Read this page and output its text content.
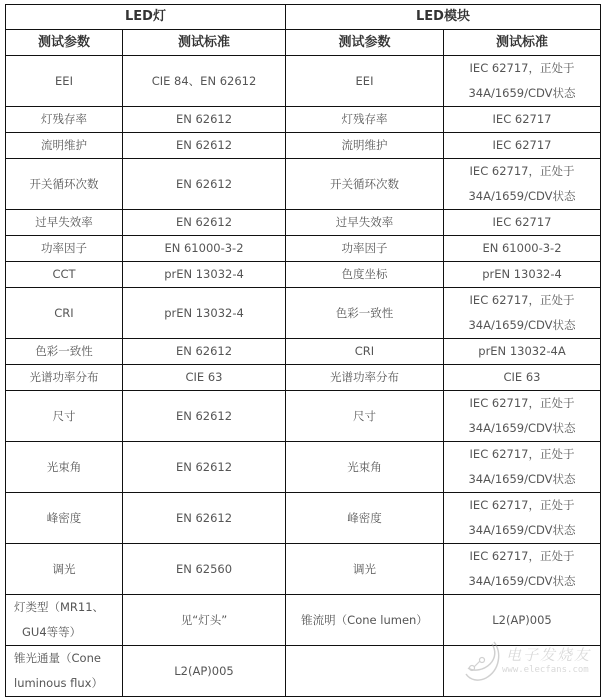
LED灯		LED模块	
测试参数	测试标准	测试参数	测试标准
EEI	CIE 84、EN 62612	EEI	IEC 62717，正处于
34A/1659/CDV状态

灯残存率	EN 62612	灯残存率	IEC 62717
流明维护	EN 62612	流明维护	IEC 62717
开关循环次数	EN 62612	开关循环次数	IEC 62717，正处于
34A/1659/CDV状态

过早失效率	EN 62612	过早失效率	IEC 62717
功率因子	EN 61000-3-2	功率因子	EN 61000-3-2
CCT	prEN 13032-4	色度坐标	prEN 13032-4
CRI	prEN 13032-4	色彩一致性	IEC 62717，正处于
34A/1659/CDV状态

色彩一致性	EN 62612	CRI	prEN 13032-4A
光谱功率分布	CIE 63	光谱功率分布	CIE 63
尺寸	EN 62612	尺寸	IEC 62717，正处于
34A/1659/CDV状态

光束角	EN 62612	光束角	IEC 62717，正处于
34A/1659/CDV状态

峰密度	EN 62612	峰密度	IEC 62717，正处于
34A/1659/CDV状态

调光	EN 62560	调光	IEC 62717，正处于
34A/1659/CDV状态

灯类型（MR11、
GU4等等）	见“灯头”	锥流明（Cone lumen）	L2(AP)005

锥光通量（Cone
luminous flux）	L2(AP)005		
电子发烧友
www.elecfans.com
